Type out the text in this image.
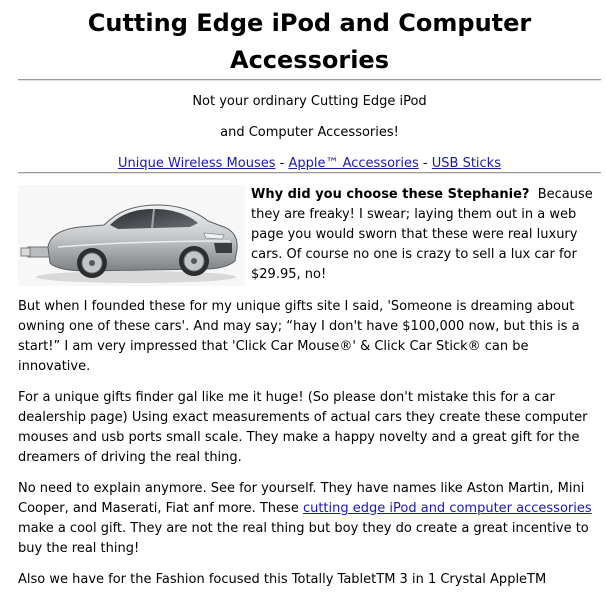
Cutting Edge iPod and Computer
Accessories

Not your ordinary Cutting Edge iPod

and Computer Accessories!

Unique Wireless Mouses - Apple™ Accessories - USB Sticks
Why did you choose these Stephanie? Because they are freaky! I swear; laying them out in a web page you would sworn that these were real luxury cars. Of course no one is crazy to sell a lux car for $29.95, no!

But when I founded these for my unique gifts site I said, 'Someone is dreaming about owning one of these cars'. And may say; “hay I don't have $100,000 now, but this is a start!” I am very impressed that 'Click Car Mouse®' & Click Car Stick® can be innovative.

For a unique gifts finder gal like me it huge! (So please don't mistake this for a car dealership page) Using exact measurements of actual cars they create these computer mouses and usb ports small scale. They make a happy novelty and a great gift for the dreamers of driving the real thing.

No need to explain anymore. See for yourself. They have names like Aston Martin, Mini Cooper, and Maserati, Fiat anf more. These cutting edge iPod and computer accessories make a cool gift. They are not the real thing but boy they do create a great incentive to buy the real thing!

Also we have for the Fashion focused this Totally TabletTM 3 in 1 Crystal AppleTM
